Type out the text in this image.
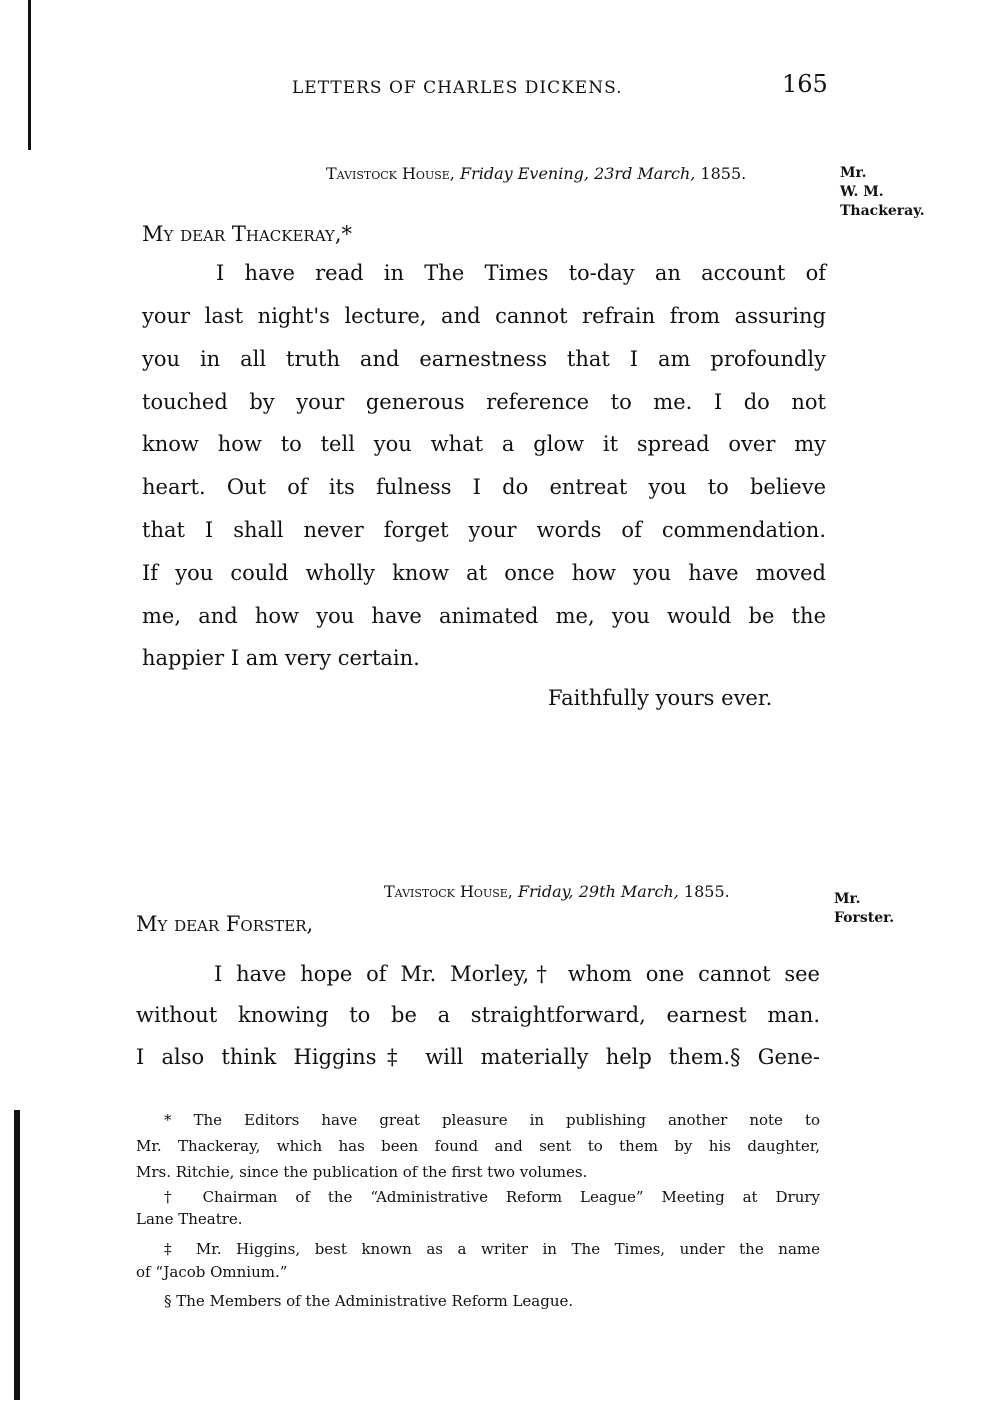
LETTERS OF CHARLES DICKENS.	165
Tavistock House, Friday Evening, 23rd March, 1855.	Mr.
W. M.
Thackeray.
My dear Thackeray,*
I have read in The Times to-day an account of
your last night's lecture, and cannot refrain from assuring
you in all truth and earnestness that I am profoundly
touched by your generous reference to me. I do not
know how to tell you what a glow it spread over my
heart. Out of its fulness I do entreat you to believe
that I shall never forget your words of commendation.
If you could wholly know at once how you have moved
me, and how you have animated me, you would be the
happier I am very certain.
Faithfully yours ever.
Tavistock House, Friday, 29th March, 1855.	Mr.
Forster.
My dear Forster,
I have hope of Mr. Morley,† whom one cannot see
without knowing to be a straightforward, earnest man.
I also think Higgins‡ will materially help them.§ Gene-
* The Editors have great pleasure in publishing another note to
Mr. Thackeray, which has been found and sent to them by his daughter,
Mrs. Ritchie, since the publication of the first two volumes.
† Chairman of the “Administrative Reform League” Meeting at Drury
Lane Theatre.
‡ Mr. Higgins, best known as a writer in The Times, under the name
of “Jacob Omnium.”
§ The Members of the Administrative Reform League.
